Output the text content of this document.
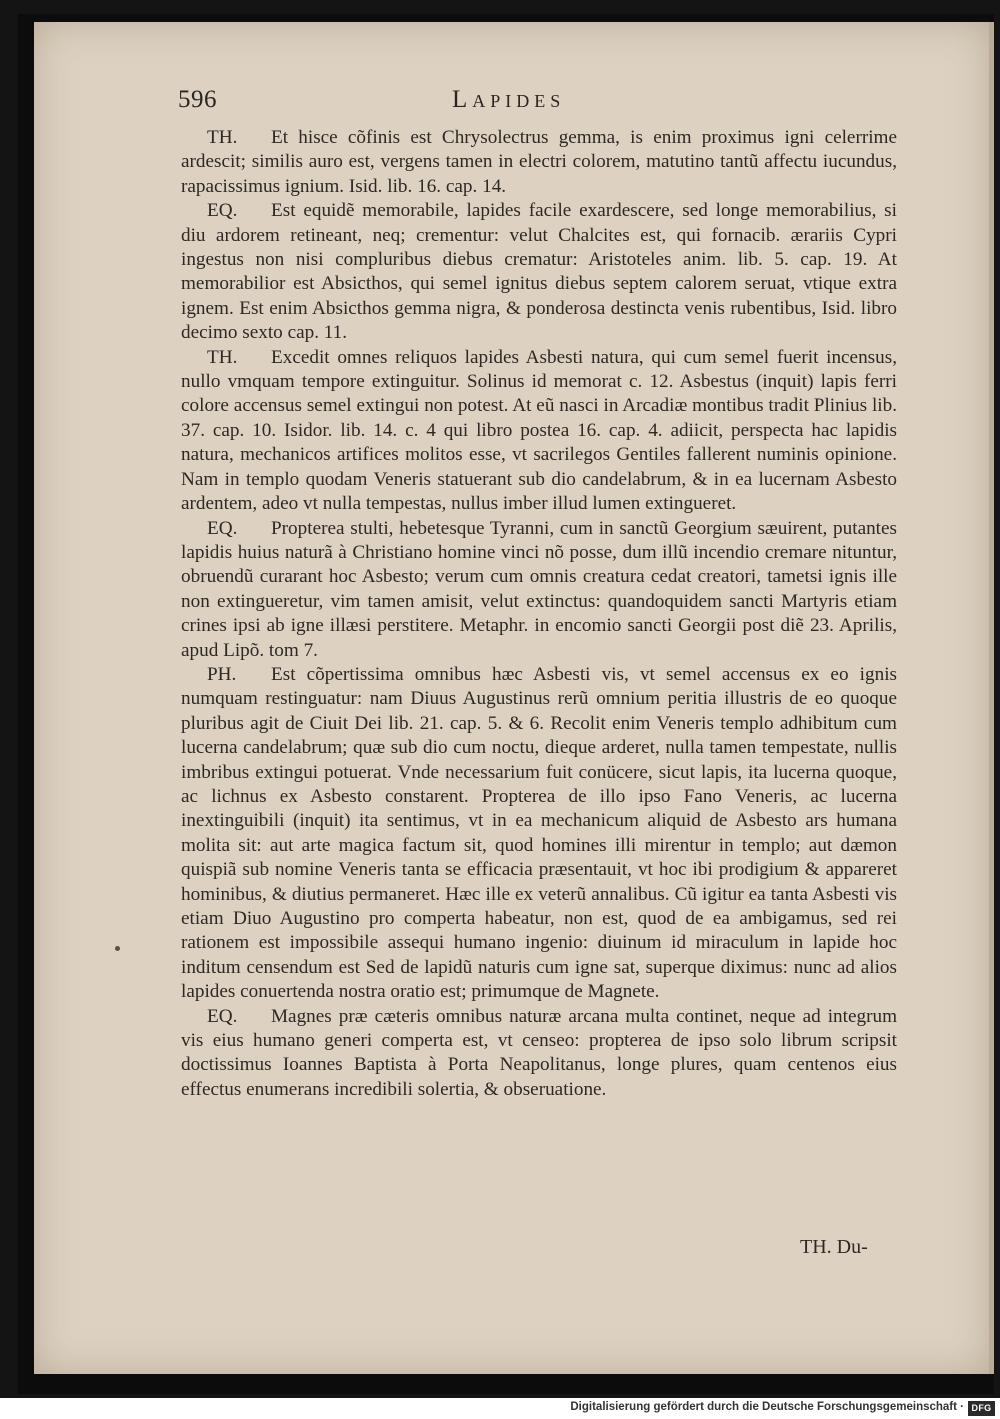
596	Lapides

TH. Et hisce cõfinis est Chrysolectrus gemma, is enim proximus igni celerrime ardescit; similis auro est, vergens tamen in electri colorem, matutino tantũ affectu iucundus, rapacissimus ignium. Isid. lib. 16. cap. 14.

EQ. Est equidẽ memorabile, lapides facile exardescere, sed longe memorabilius, si diu ardorem retineant, neq; crementur: velut Chalcites est, qui fornacib. ærariis Cypri ingestus non nisi compluribus diebus crematur: Aristoteles anim. lib. 5. cap. 19. At memorabilior est Absicthos, qui semel ignitus diebus septem calorem seruat, vtique extra ignem. Est enim Absicthos gemma nigra, & ponderosa destincta venis rubentibus, Isid. libro decimo sexto cap. 11.

TH. Excedit omnes reliquos lapides Asbesti natura, qui cum semel fuerit incensus, nullo vmquam tempore extinguitur. Solinus id memorat c. 12. Asbestus (inquit) lapis ferri colore accensus semel extingui non potest. At eũ nasci in Arcadiæ montibus tradit Plinius lib. 37. cap. 10. Isidor. lib. 14. c. 4 qui libro postea 16. cap. 4. adiicit, perspecta hac lapidis natura, mechanicos artifices molitos esse, vt sacrilegos Gentiles fallerent numinis opinione. Nam in templo quodam Veneris statuerant sub dio candelabrum, & in ea lucernam Asbesto ardentem, adeo vt nulla tempestas, nullus imber illud lumen extingueret.

EQ. Propterea stulti, hebetesque Tyranni, cum in sanctũ Georgium sæuirent, putantes lapidis huius naturã à Christiano homine vinci nõ posse, dum illũ incendio cremare nituntur, obruendũ curarant hoc Asbesto; verum cum omnis creatura cedat creatori, tametsi ignis ille non extingueretur, vim tamen amisit, velut extinctus: quandoquidem sancti Martyris etiam crines ipsi ab igne illæsi perstitere. Metaphr. in encomio sancti Georgii post diẽ 23. Aprilis, apud Lipõ. tom 7.

PH. Est cõpertissima omnibus hæc Asbesti vis, vt semel accensus ex eo ignis numquam restinguatur: nam Diuus Augustinus rerũ omnium peritia illustris de eo quoque pluribus agit de Ciuit Dei lib. 21. cap. 5. & 6. Recolit enim Veneris templo adhibitum cum lucerna candelabrum; quæ sub dio cum noctu, dieque arderet, nulla tamen tempestate, nullis imbribus extingui potuerat. Vnde necessarium fuit conücere, sicut lapis, ita lucerna quoque, ac lichnus ex Asbesto constarent. Propterea de illo ipso Fano Veneris, ac lucerna inextinguibili (inquit) ita sentimus, vt in ea mechanicum aliquid de Asbesto ars humana molita sit: aut arte magica factum sit, quod homines illi mirentur in templo; aut dæmon quispiã sub nomine Veneris tanta se efficacia præsentauit, vt hoc ibi prodigium & appareret hominibus, & diutius permaneret. Hæc ille ex veterũ annalibus. Cũ igitur ea tanta Asbesti vis etiam Diuo Augustino pro comperta habeatur, non est, quod de ea ambigamus, sed rei rationem est impossibile assequi humano ingenio: diuinum id miraculum in lapide hoc inditum censendum est Sed de lapidũ naturis cum igne sat, superque diximus: nunc ad alios lapides conuertenda nostra oratio est; primumque de Magnete.

EQ. Magnes præ cæteris omnibus naturæ arcana multa continet, neque ad integrum vis eius humano generi comperta est, vt censeo: propterea de ipso solo librum scripsit doctissimus Ioannes Baptista à Porta Neapolitanus, longe plures, quam centenos eius effectus enumerans incredibili solertia, & obseruatione.

TH. Du-
Digitalisierung gefördert durch die Deutsche Forschungsgemeinschaft · DFG
